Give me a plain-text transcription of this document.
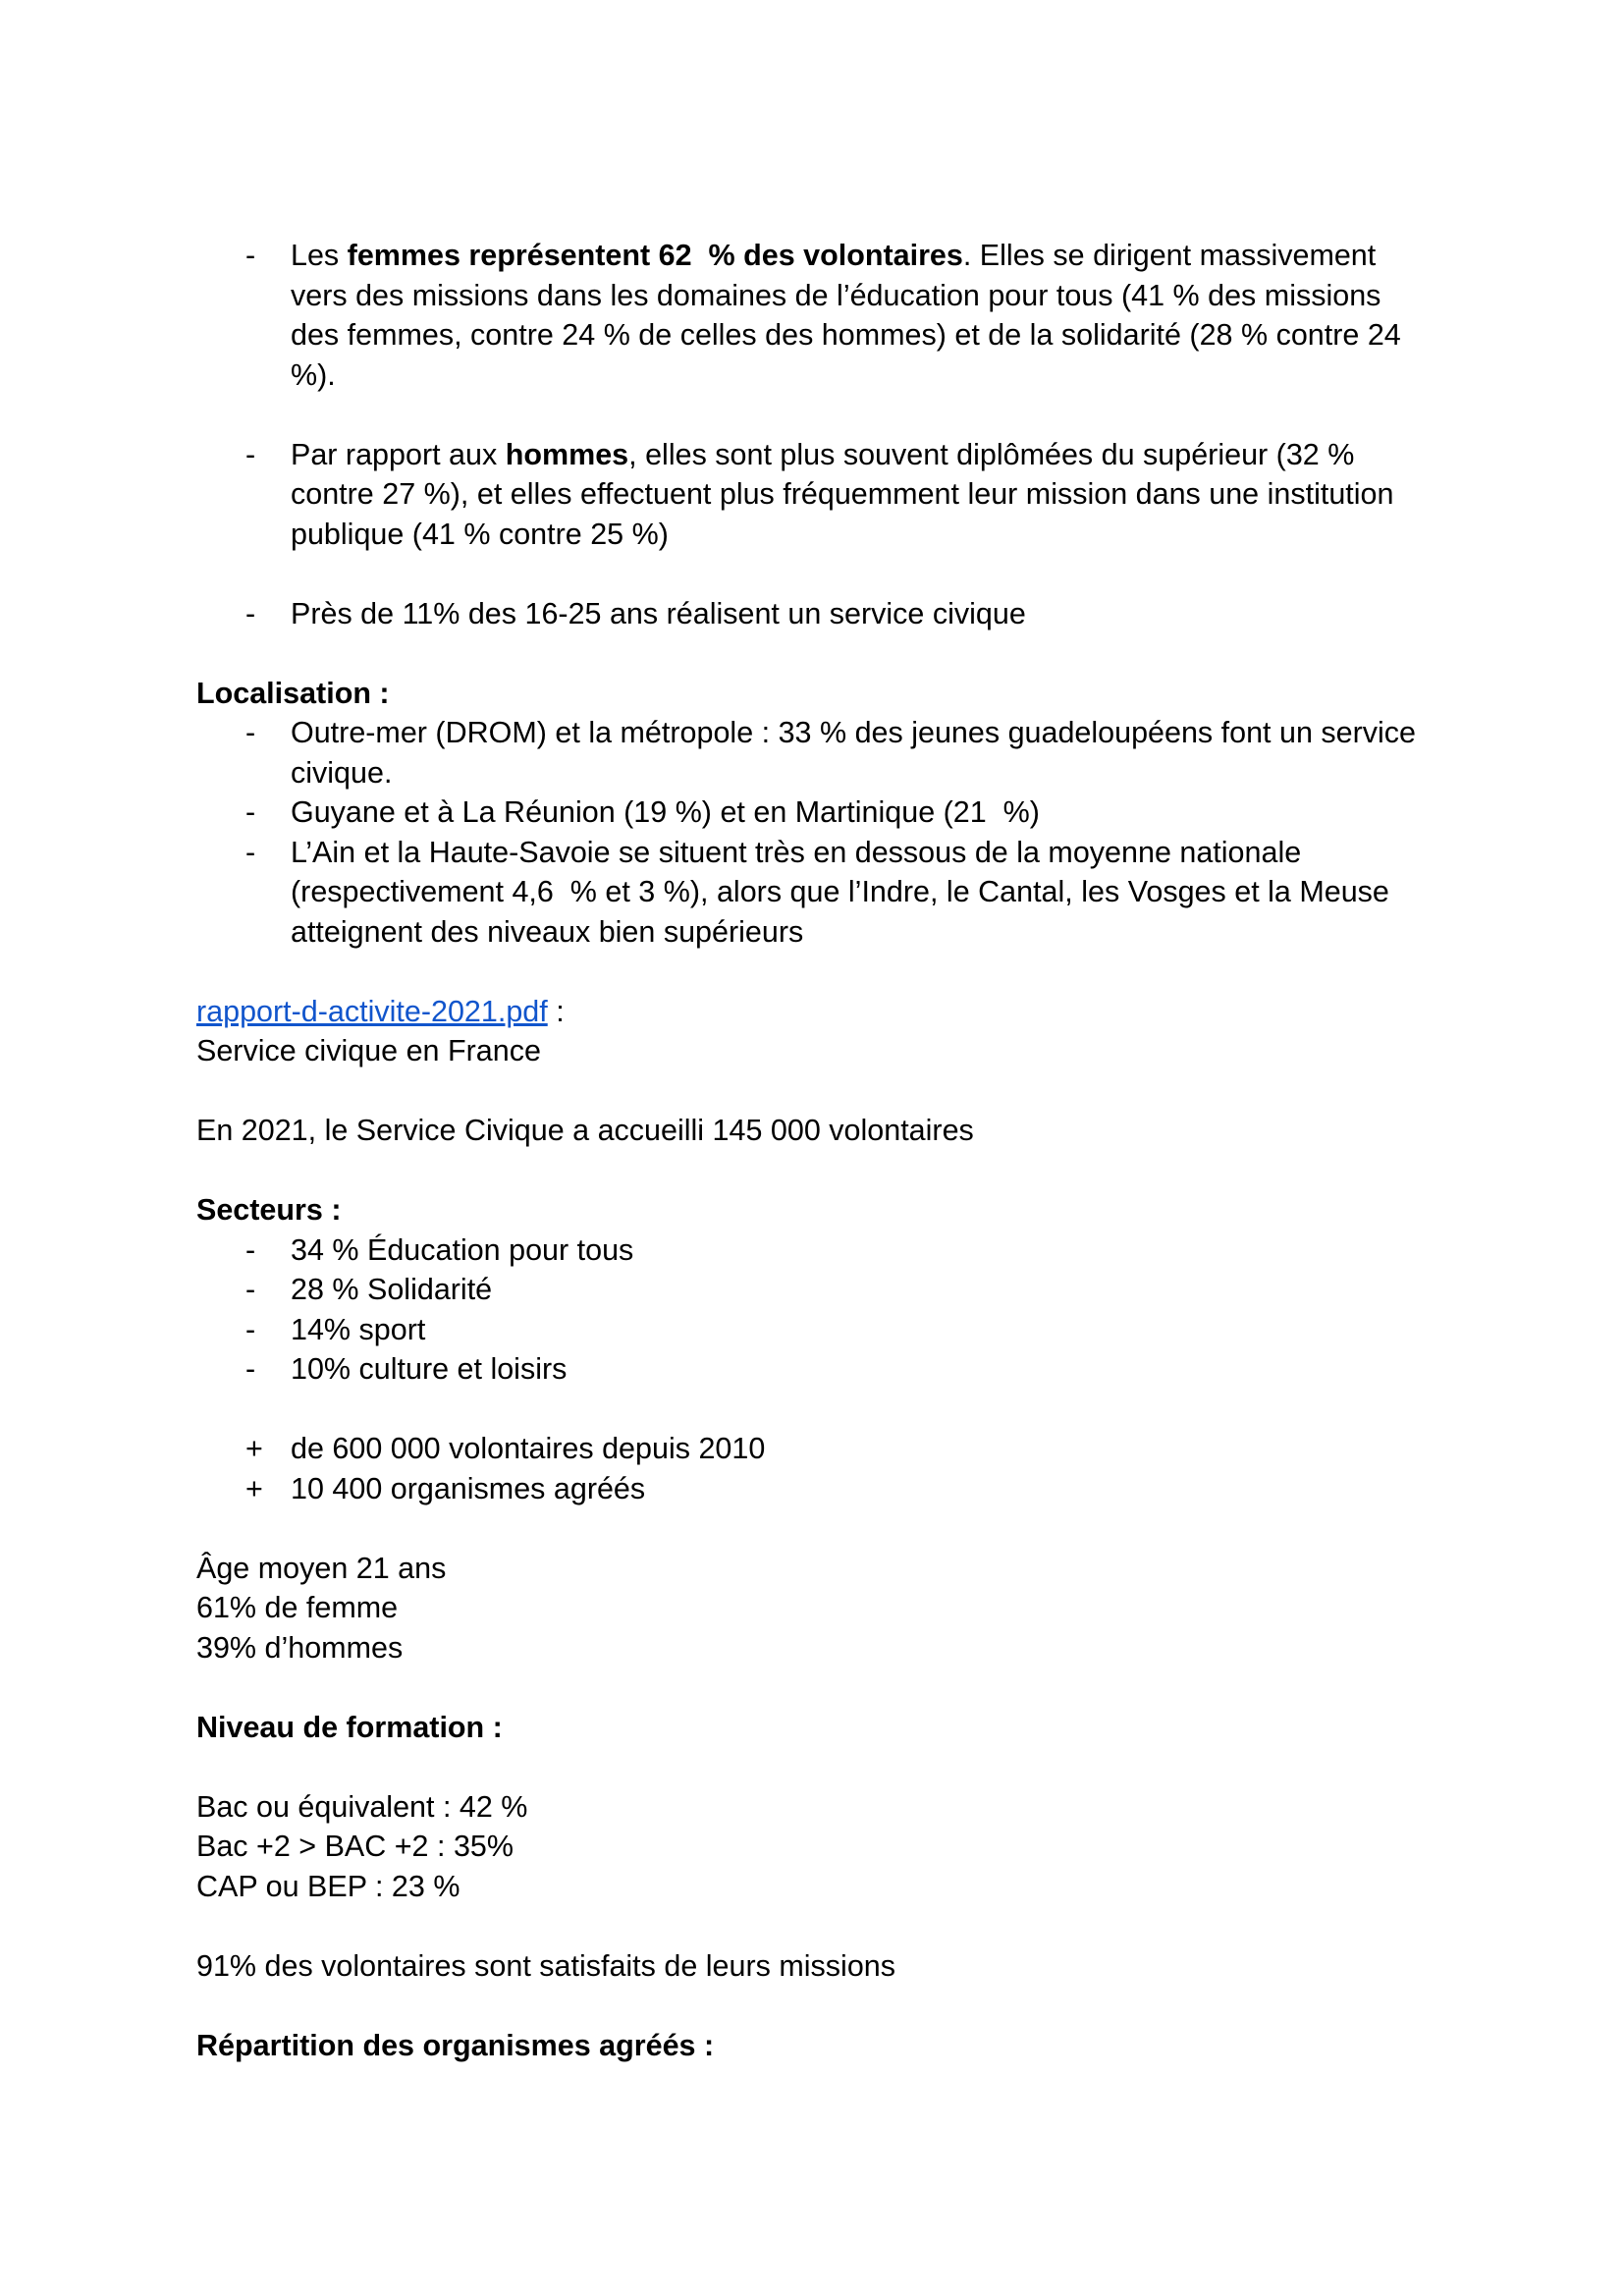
- Les femmes représentent 62  % des volontaires. Elles se dirigent massivement vers des missions dans les domaines de l’éducation pour tous (41 % des missions des femmes, contre 24 % de celles des hommes) et de la solidarité (28 % contre 24 %).

- Par rapport aux hommes, elles sont plus souvent diplômées du supérieur (32 % contre 27 %), et elles effectuent plus fréquemment leur mission dans une institution publique (41 % contre 25 %)

- Près de 11% des 16-25 ans réalisent un service civique

Localisation :
- Outre-mer (DROM) et la métropole : 33 % des jeunes guadeloupéens font un service civique.
- Guyane et à La Réunion (19 %) et en Martinique (21  %)
- L’Ain et la Haute-Savoie se situent très en dessous de la moyenne nationale (respectivement 4,6  % et 3 %), alors que l’Indre, le Cantal, les Vosges et la Meuse atteignent des niveaux bien supérieurs

rapport-d-activite-2021.pdf :
Service civique en France

En 2021, le Service Civique a accueilli 145 000 volontaires

Secteurs :
- 34 % Éducation pour tous
- 28 % Solidarité
- 14% sport
- 10% culture et loisirs

+ de 600 000 volontaires depuis 2010
+ 10 400 organismes agréés

Âge moyen 21 ans
61% de femme
39% d’hommes

Niveau de formation :

Bac ou équivalent : 42 %
Bac +2 > BAC +2 : 35%
CAP ou BEP : 23 %

91% des volontaires sont satisfaits de leurs missions

Répartition des organismes agréés :
